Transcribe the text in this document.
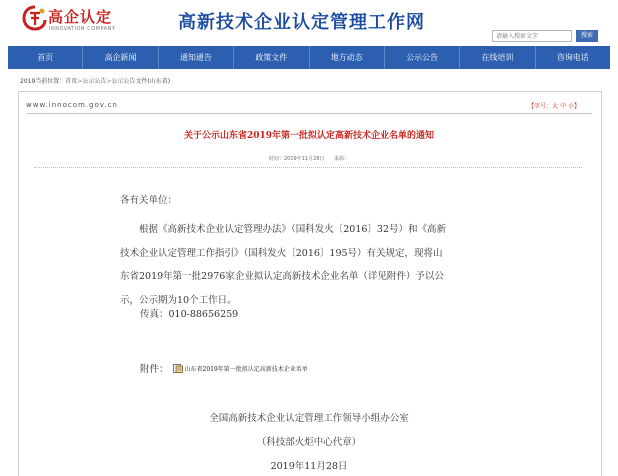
高企认定
INNOVATION COMPANY	高新技术企业认定管理工作网
请输入搜索文字
搜索
首页	高企新闻	通知通告	政策文件	地方动态	公示公告	在线培训	咨询电话
2019当前位置：首页>公示公告>公示公告文件(山东省)
www.innocom.gov.cn	【字号：大 中 小】
关于公示山东省2019年第一批拟认定高新技术企业名单的通知
时间：2019年11月28日 来源：
各有关单位：
根据《高新技术企业认定管理办法》（国科发火〔2016〕32号）和《高新
技术企业认定管理工作指引》（国科发火〔2016〕195号）有关规定，现将山
东省2019年第一批2976家企业拟认定高新技术企业名单（详见附件）予以公
示，公示期为10个工作日。
传真：010-88656259
附件：	山东省2019年第一批拟认定高新技术企业名单
全国高新技术企业认定管理工作领导小组办公室
（科技部火炬中心代章）
2019年11月28日
